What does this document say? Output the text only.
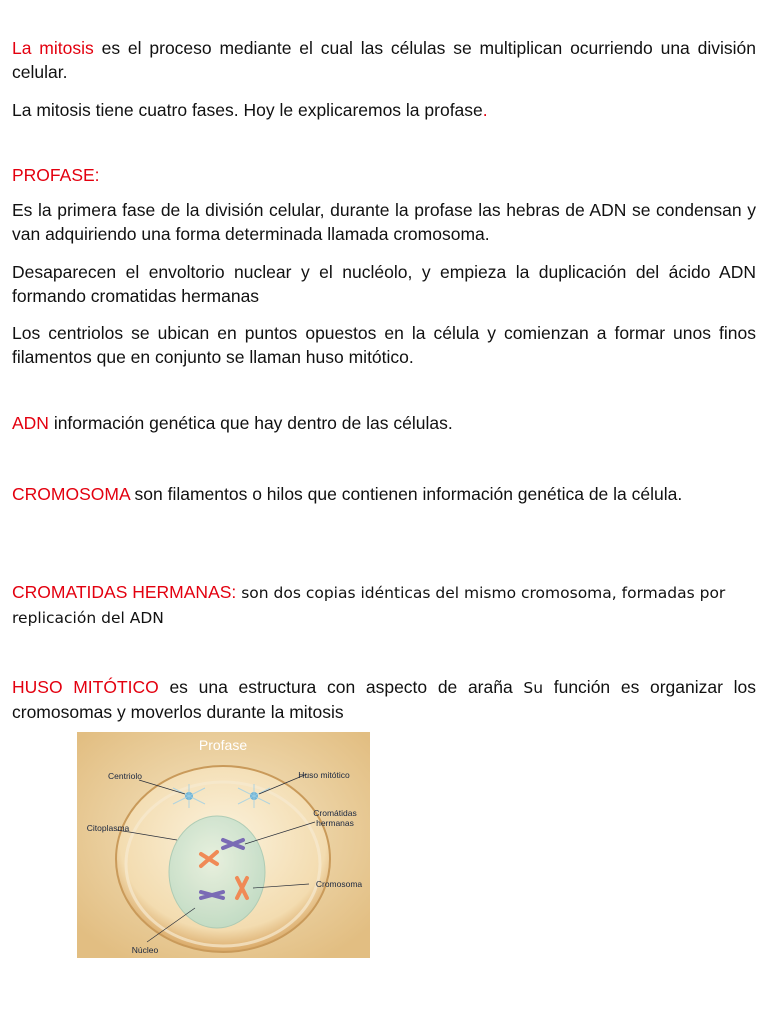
La mitosis es el proceso mediante el cual las células se multiplican ocurriendo una división celular.

La mitosis tiene cuatro fases. Hoy le explicaremos la profase.

PROFASE:

Es la primera fase de la división celular, durante la profase las hebras de ADN se condensan y van adquiriendo una forma determinada llamada cromosoma.

Desaparecen el envoltorio nuclear y el nucléolo, y empieza la duplicación del ácido ADN formando cromatidas hermanas

Los centriolos se ubican en puntos opuestos en la célula y comienzan a formar unos finos filamentos que en conjunto se llaman huso mitótico.

ADN información genética que hay dentro de las células.

CROMOSOMA son filamentos o hilos que contienen información genética de la célula.

CROMATIDAS HERMANAS: son dos copias idénticas del mismo cromosoma, formadas por replicación del ADN

HUSO MITÓTICO es una estructura con aspecto de araña Su función es organizar los cromosomas y moverlos durante la mitosis

Profase
Centriolo	Huso mitótico
Cromátidas
hermanas
Citoplasma
Cromosoma
Núcleo
